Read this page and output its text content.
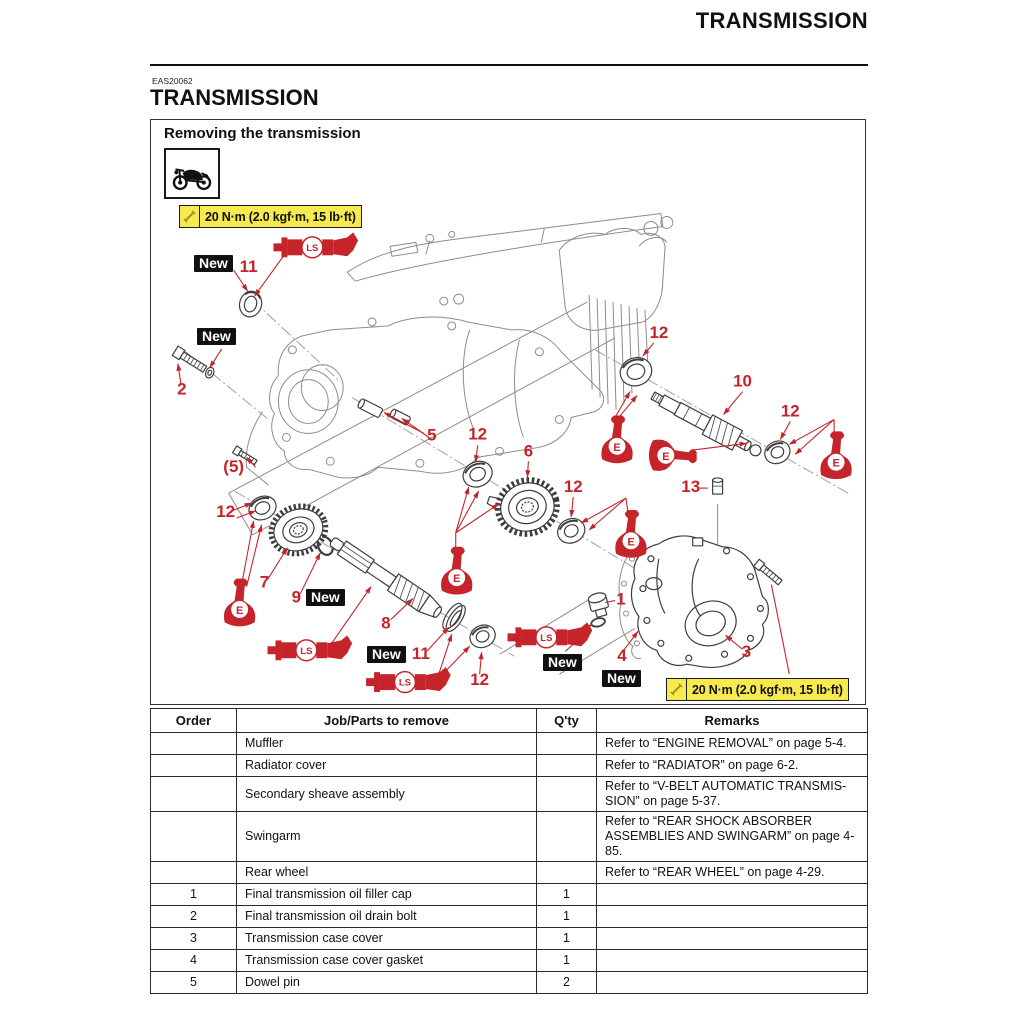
TRANSMISSION
EAS20062
TRANSMISSION
Removing the transmission
LS
LS
LS
LS
E
E
E
E
E
E
11
2
(5)
5
12
7
9
8
11
12
12
6
12
12
10
12
13
1
4	3
New
New
New
New	New
New
20 N·m (2.0 kgf·m, 15 lb·ft)
20 N·m (2.0 kgf·m, 15 lb·ft)
Order	Job/Parts to remove	Q'ty	Remarks
	Muffler		Refer to “ENGINE REMOVAL” on page 5-4.
	Radiator cover		Refer to “RADIATOR” on page 6-2.
	Secondary sheave assembly		Refer to “V-BELT AUTOMATIC TRANSMIS-SION” on page 5-37.
	Swingarm		Refer to “REAR SHOCK ABSORBER ASSEMBLIES AND SWINGARM” on page 4-85.
	Rear wheel		Refer to “REAR WHEEL” on page 4-29.
1	Final transmission oil filler cap	1	
2	Final transmission oil drain bolt	1	
3	Transmission case cover	1	
4	Transmission case cover gasket	1	
5	Dowel pin	2	
